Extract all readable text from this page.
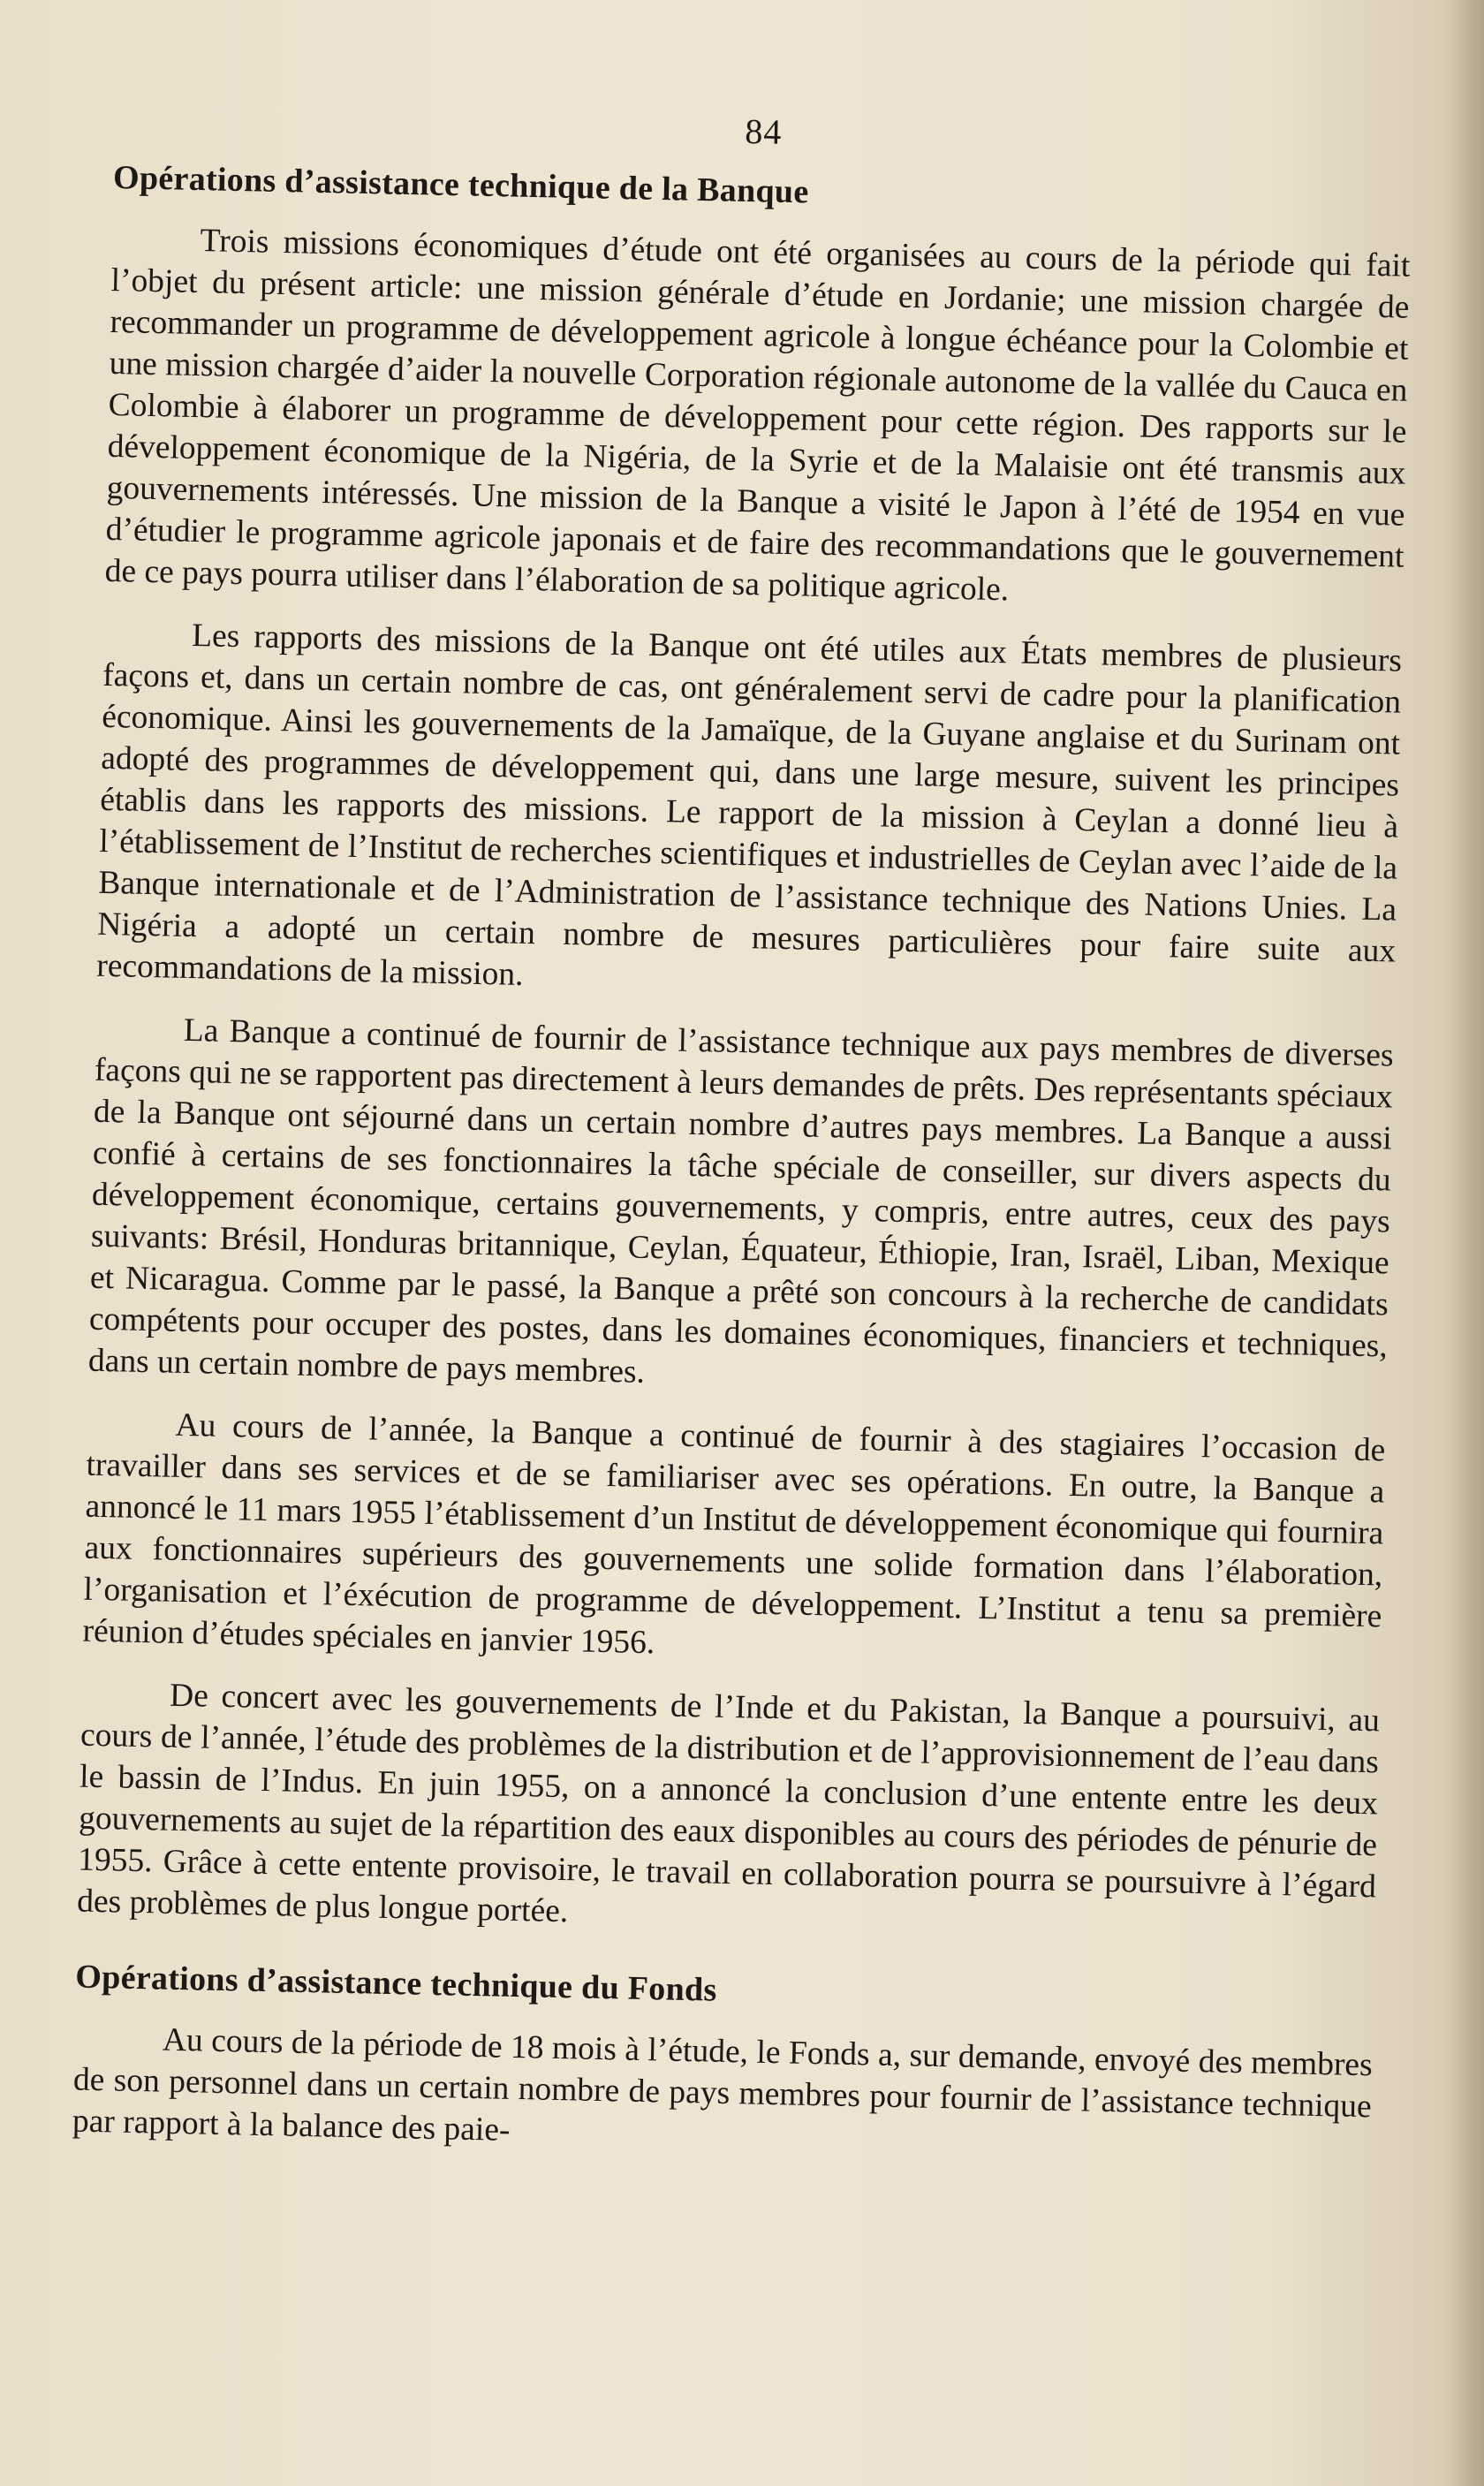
84
Opérations d’assistance technique de la Banque

Trois missions économiques d’étude ont été organisées au cours de la période qui fait l’objet du présent article: une mission générale d’étude en Jordanie; une mission chargée de recommander un programme de développement agricole à longue échéance pour la Colombie et une mission chargée d’aider la nouvelle Corporation régionale autonome de la vallée du Cauca en Colombie à élaborer un programme de développement pour cette région. Des rapports sur le développement économique de la Nigéria, de la Syrie et de la Malaisie ont été transmis aux gouvernements intéressés. Une mission de la Banque a visité le Japon à l’été de 1954 en vue d’étudier le programme agricole japonais et de faire des recommandations que le gouvernement de ce pays pourra utiliser dans l’élaboration de sa politique agricole.

Les rapports des missions de la Banque ont été utiles aux États membres de plusieurs façons et, dans un certain nombre de cas, ont généralement servi de cadre pour la planification économique. Ainsi les gouvernements de la Jamaïque, de la Guyane anglaise et du Surinam ont adopté des programmes de développement qui, dans une large mesure, suivent les principes établis dans les rapports des missions. Le rapport de la mission à Ceylan a donné lieu à l’établissement de l’Institut de recherches scientifiques et industrielles de Ceylan avec l’aide de la Banque internationale et de l’Administration de l’assistance technique des Nations Unies. La Nigéria a adopté un certain nombre de mesures particulières pour faire suite aux recommandations de la mission.

La Banque a continué de fournir de l’assistance technique aux pays membres de diverses façons qui ne se rapportent pas directement à leurs demandes de prêts. Des représentants spéciaux de la Banque ont séjourné dans un certain nombre d’autres pays membres. La Banque a aussi confié à certains de ses fonctionnaires la tâche spéciale de conseiller, sur divers aspects du développement économique, certains gouvernements, y compris, entre autres, ceux des pays suivants: Brésil, Honduras britannique, Ceylan, Équateur, Éthiopie, Iran, Israël, Liban, Mexique et Nicaragua. Comme par le passé, la Banque a prêté son concours à la recherche de candidats compétents pour occuper des postes, dans les domaines économiques, financiers et techniques, dans un certain nombre de pays membres.

Au cours de l’année, la Banque a continué de fournir à des stagiaires l’occasion de travailler dans ses services et de se familiariser avec ses opérations. En outre, la Banque a annoncé le 11 mars 1955 l’établissement d’un Institut de développement économique qui fournira aux fonctionnaires supérieurs des gouvernements une solide formation dans l’élaboration, l’organisation et l’éxécution de programme de développement. L’Institut a tenu sa première réunion d’études spéciales en janvier 1956.

De concert avec les gouvernements de l’Inde et du Pakistan, la Banque a poursuivi, au cours de l’année, l’étude des problèmes de la distribution et de l’approvisionnement de l’eau dans le bassin de l’Indus. En juin 1955, on a annoncé la conclusion d’une entente entre les deux gouvernements au sujet de la répartition des eaux disponibles au cours des périodes de pénurie de 1955. Grâce à cette entente provisoire, le travail en collaboration pourra se poursuivre à l’égard des problèmes de plus longue portée.

Opérations d’assistance technique du Fonds

Au cours de la période de 18 mois à l’étude, le Fonds a, sur demande, envoyé des membres de son personnel dans un certain nombre de pays membres pour fournir de l’assistance technique par rapport à la balance des paie-
